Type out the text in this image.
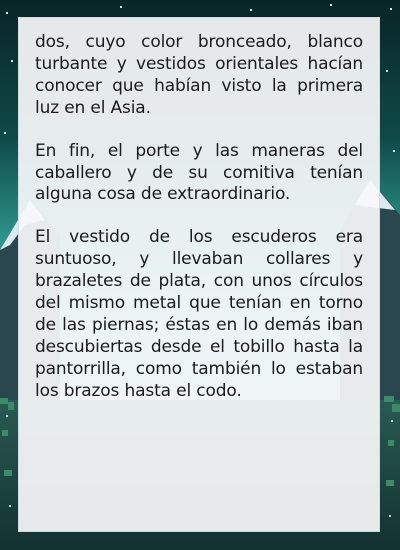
dos, cuyo color bronceado, blanco turbante y vestidos orientales hacían conocer que habían visto la primera luz en el Asia.

En fin, el porte y las maneras del caballero y de su comitiva tenían alguna cosa de extraordinario.

El vestido de los escuderos era suntuoso, y llevaban collares y brazaletes de plata, con unos círculos del mismo metal que tenían en torno de las piernas; éstas en lo demás iban descubiertas desde el tobillo hasta la pantorrilla, como también lo estaban los brazos hasta el codo.
